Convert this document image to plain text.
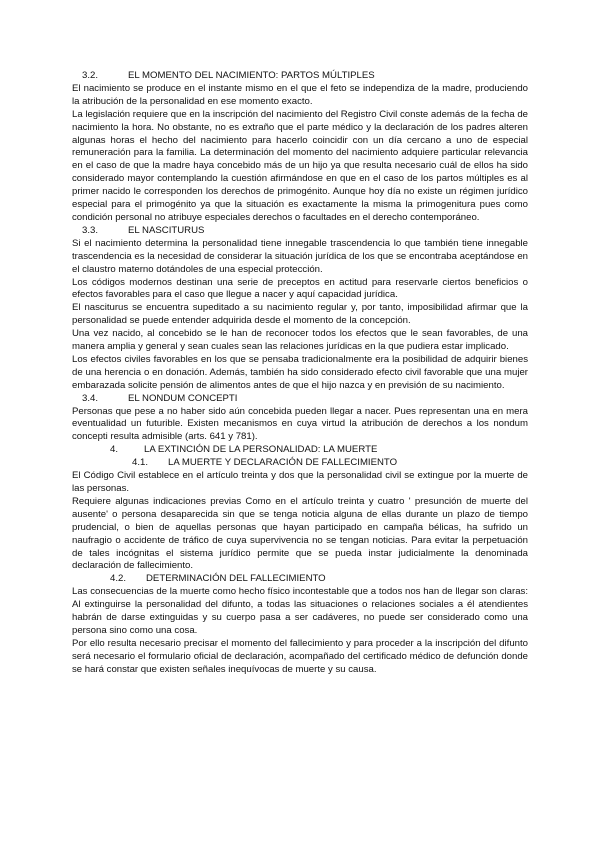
3.2.	EL MOMENTO DEL NACIMIENTO: PARTOS MÚLTIPLES

El nacimiento se produce en el instante mismo en el que el feto se independiza de la madre, produciendo la atribución de la personalidad en ese momento exacto.

La legislación requiere que en la inscripción del nacimiento del Registro Civil conste además de la fecha de nacimiento la hora. No obstante, no es extraño que el parte médico y la declaración de los padres alteren algunas horas el hecho del nacimiento para hacerlo coincidir con un día cercano a uno de especial remuneración para la familia. La determinación del momento del nacimiento adquiere particular relevancia en el caso de que la madre haya concebido más de un hijo ya que resulta necesario cuál de ellos ha sido considerado mayor contemplando la cuestión afirmándose en que en el caso de los partos múltiples es al primer nacido le corresponden los derechos de primogénito. Aunque hoy día no existe un régimen jurídico especial para el primogénito ya que la situación es exactamente la misma la primogenitura pues como condición personal no atribuye especiales derechos o facultades en el derecho contemporáneo.

3.3.	EL NASCITURUS

Si el nacimiento determina la personalidad tiene innegable trascendencia lo que también tiene innegable trascendencia es la necesidad de considerar la situación jurídica de los que se encontraba aceptándose en el claustro materno dotándoles de una especial protección.

Los códigos modernos destinan una serie de preceptos en actitud para reservarle ciertos beneficios o efectos favorables para el caso que llegue a nacer y aquí capacidad jurídica.

El nasciturus se encuentra supeditado a su nacimiento regular y, por tanto, imposibilidad afirmar que la personalidad se puede entender adquirida desde el momento de la concepción.

Una vez nacido, al concebido se le han de reconocer todos los efectos que le sean favorables, de una manera amplia y general y sean cuales sean las relaciones jurídicas en la que pudiera estar implicado.

Los efectos civiles favorables en los que se pensaba tradicionalmente era la posibilidad de adquirir bienes de una herencia o en donación. Además, también ha sido considerado efecto civil favorable que una mujer embarazada solicite pensión de alimentos antes de que el hijo nazca y en previsión de su nacimiento.

3.4.	EL NONDUM CONCEPTI

Personas que pese a no haber sido aún concebida pueden llegar a nacer. Pues representan una en mera eventualidad un futurible. Existen mecanismos en cuya virtud la atribución de derechos a los nondum concepti resulta admisible (arts. 641 y 781).

4.	LA EXTINCIÓN DE LA PERSONALIDAD: LA MUERTE
4.1. LA MUERTE Y DECLARACIÓN DE FALLECIMIENTO

El Código Civil establece en el artículo treinta y dos que la personalidad civil se extingue por la muerte de las personas.

Requiere algunas indicaciones previas Como en el artículo treinta y cuatro ' presunción de muerte del ausente' o persona desaparecida sin que se tenga noticia alguna de ellas durante un plazo de tiempo prudencial, o bien de aquellas personas que hayan participado en campaña bélicas, ha sufrido un naufragio o accidente de tráfico de cuya supervivencia no se tengan noticias. Para evitar la perpetuación de tales incógnitas el sistema jurídico permite que se pueda instar judicialmente la denominada declaración de fallecimiento.

4.2. DETERMINACIÓN DEL FALLECIMIENTO

Las consecuencias de la muerte como hecho físico incontestable que a todos nos han de llegar son claras: Al extinguirse la personalidad del difunto, a todas las situaciones o relaciones sociales a él atendientes habrán de darse extinguidas y su cuerpo pasa a ser cadáveres, no puede ser considerado como una persona sino como una cosa.

Por ello resulta necesario precisar el momento del fallecimiento y para proceder a la inscripción del difunto será necesario el formulario oficial de declaración, acompañado del certificado médico de defunción donde se hará constar que existen señales inequívocas de muerte y su causa.
